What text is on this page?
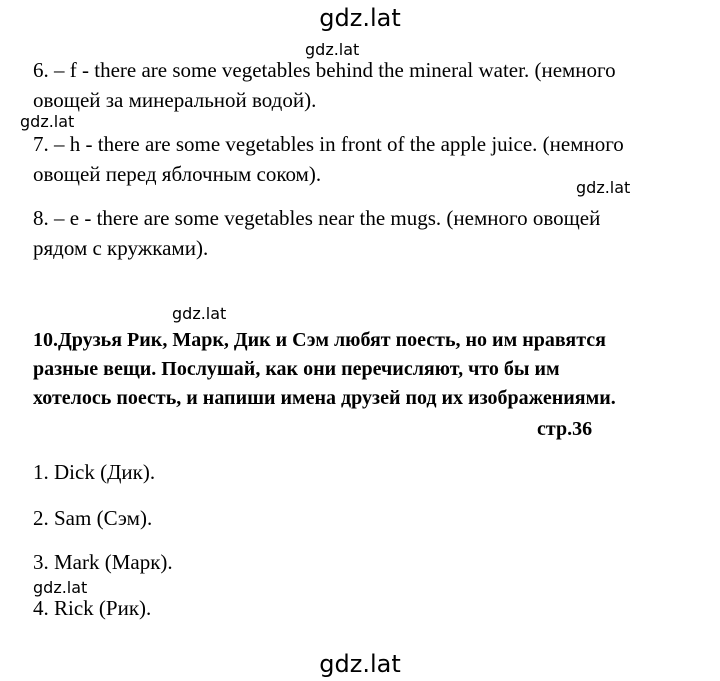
gdz.lat
gdz.lat
gdz.lat
gdz.lat
gdz.lat
gdz.lat
gdz.lat
6. – f - there are some vegetables behind the mineral water. (немного
овощей за минеральной водой).
7. – h - there are some vegetables in front of the apple juice. (немного
овощей перед яблочным соком).
8. – e - there are some vegetables near the mugs. (немного овощей
рядом с кружками).
10.Друзья Рик, Марк, Дик и Сэм любят поесть, но им нравятся
разные вещи. Послушай, как они перечисляют, что бы им
хотелось поесть, и напиши имена друзей под их изображениями.
стр.36
1. Dick (Дик).
2. Sam (Сэм).
3. Mark (Марк).
4. Rick (Рик).
